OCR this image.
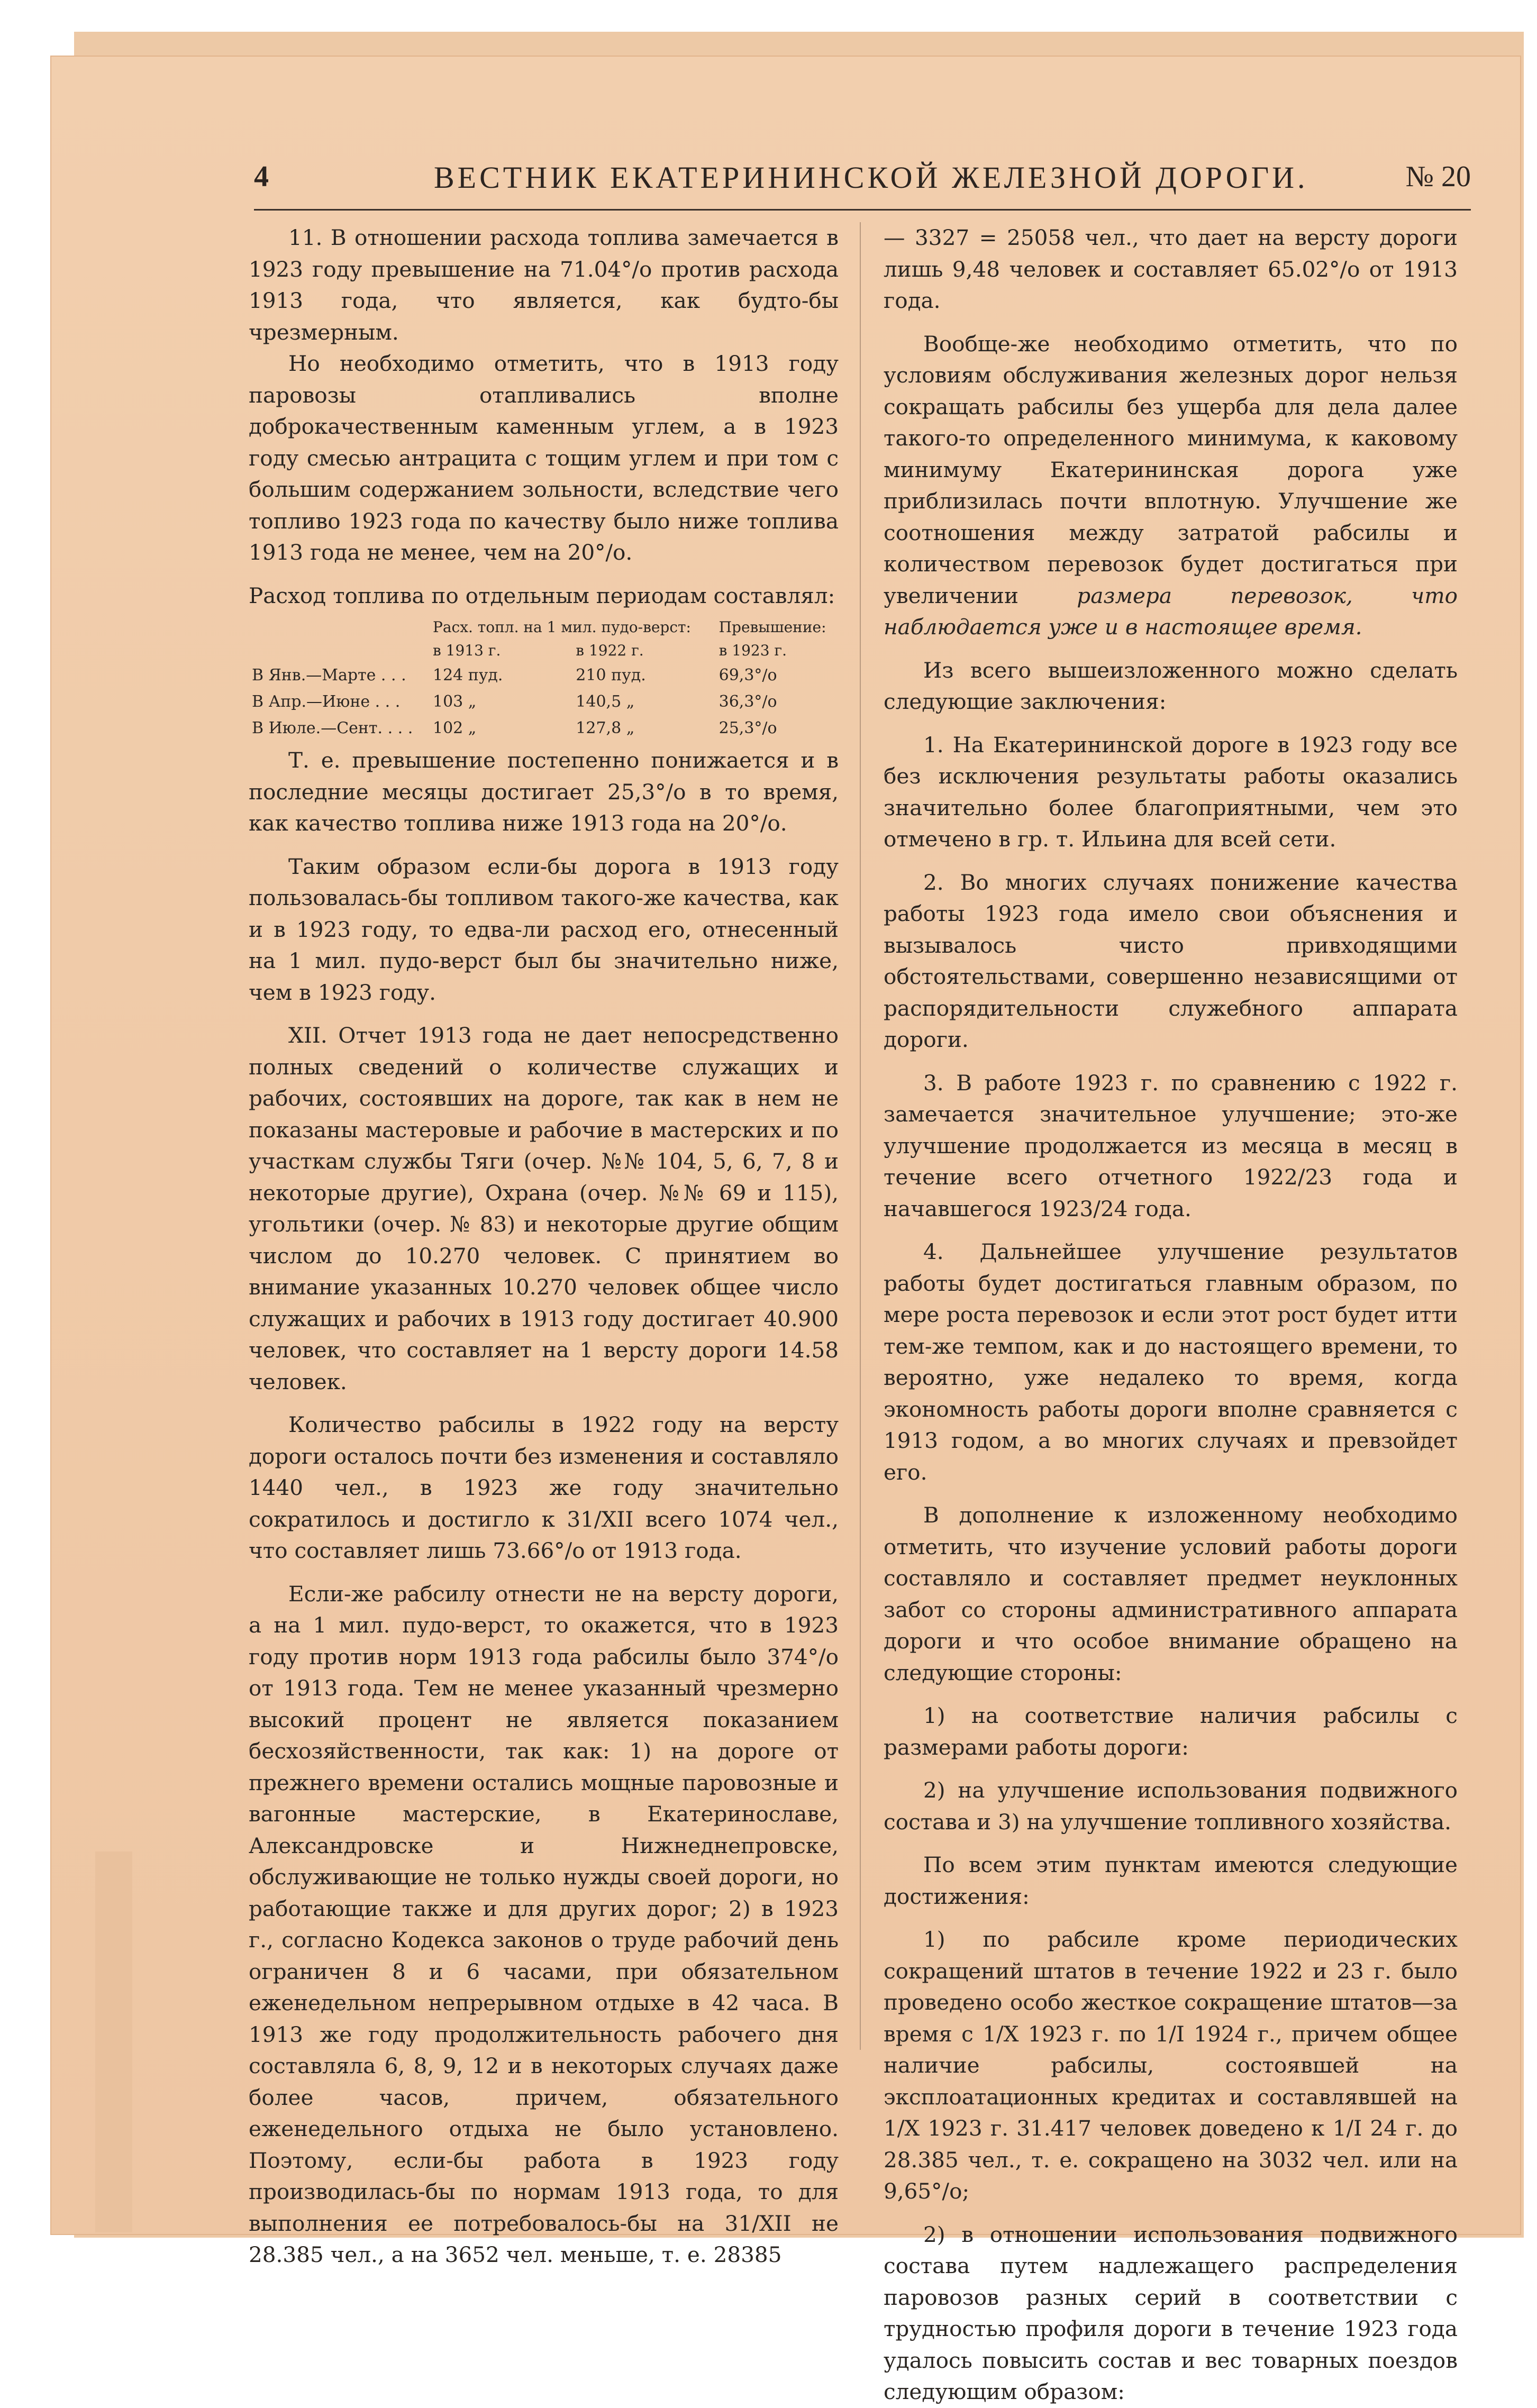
4	ВЕСТНИК ЕКАТЕРИНИНСКОЙ ЖЕЛЕЗНОЙ ДОРОГИ.	№ 20

11. В отношении расхода топлива замечается в 1923 году превышение на 71.04°/о против расхода 1913 года, что является, как будто-бы чрезмерным.

Но необходимо отметить, что в 1913 году паровозы отапливались вполне доброкачественным каменным углем, а в 1923 году смесью антрацита с тощим углем и при том с большим содержанием зольности, вследствие чего топливо 1923 года по качеству было ниже топлива 1913 года не менее, чем на 20°/о.

Расход топлива по отдельным периодам составлял:

	Расх. топл. на 1 мил. пудо-верст:		Превышение:
	в 1913 г.	в 1922 г.	в 1923 г.
В Янв.—Марте . . .	124 пуд.	210 пуд.	69,3°/о
В Апр.—Июне . . .	103 „	140,5 „	36,3°/о
В Июле.—Сент. . . .	102 „	127,8 „	25,3°/о

Т. е. превышение постепенно понижается и в последние месяцы достигает 25,3°/о в то время, как качество топлива ниже 1913 года на 20°/о.

Таким образом если-бы дорога в 1913 году пользовалась-бы топливом такого-же качества, как и в 1923 году, то едва-ли расход его, отнесенный на 1 мил. пудо-верст был бы значительно ниже, чем в 1923 году.

XII. Отчет 1913 года не дает непосредственно полных сведений о количестве служащих и рабочих, состоявших на дороге, так как в нем не показаны мастеровые и рабочие в мастерских и по участкам службы Тяги (очер. №№ 104, 5, 6, 7, 8 и некоторые другие), Охрана (очер. №№ 69 и 115), угольтики (очер. № 83) и некоторые другие общим числом до 10.270 человек. С принятием во внимание указанных 10.270 человек общее число служащих и рабочих в 1913 году достигает 40.900 человек, что составляет на 1 версту дороги 14.58 человек.

Количество рабсилы в 1922 году на версту дороги осталось почти без изменения и составляло 1440 чел., в 1923 же году значительно сократилось и достигло к 31/XII всего 1074 чел., что составляет лишь 73.66°/о от 1913 года.

Если-же рабсилу отнести не на версту дороги, а на 1 мил. пудо-верст, то окажется, что в 1923 году против норм 1913 года рабсилы было 374°/о от 1913 года. Тем не менее указанный чрезмерно высокий процент не является показанием бесхозяйственности, так как: 1) на дороге от прежнего времени остались мощные паровозные и вагонные мастерские, в Екатеринославе, Александровске и Нижнеднепровске, обслуживающие не только нужды своей дороги, но работающие также и для других дорог; 2) в 1923 г., согласно Кодекса законов о труде рабочий день ограничен 8 и 6 часами, при обязательном еженедельном непрерывном отдыхе в 42 часа. В 1913 же году продолжительность рабочего дня составляла 6, 8, 9, 12 и в некоторых случаях даже более часов, причем, обязательного еженедельного отдыха не было установлено. Поэтому, если-бы работа в 1923 году производилась-бы по нормам 1913 года, то для выполнения ее потребовалось-бы на 31/XII не 28.385 чел., а на 3652 чел. меньше, т. е. 28385

— 3327 = 25058 чел., что дает на версту дороги лишь 9,48 человек и составляет 65.02°/о от 1913 года.

Вообще-же необходимо отметить, что по условиям обслуживания железных дорог нельзя сокращать рабсилы без ущерба для дела далее такого-то определенного минимума, к каковому минимуму Екатерининская дорога уже приблизилась почти вплотную. Улучшение же соотношения между затратой рабсилы и количеством перевозок будет достигаться при увеличении	размера перевозок, что наблюдается уже и в настоящее время.

Из всего вышеизложенного можно сделать следующие заключения:

1. На Екатерининской дороге в 1923 году все без исключения результаты работы оказались значительно более благоприятными, чем это отмечено в гр. т. Ильина для всей сети.

2. Во многих случаях понижение качества работы 1923 года имело свои объяснения и вызывалось чисто привходящими обстоятельствами, совершенно независящими от распорядительности служебного аппарата дороги.

3. В работе 1923 г. по сравнению с 1922 г. замечается значительное улучшение; это-же улучшение продолжается из месяца в месяц в течение всего отчетного 1922/23 года и начавшегося 1923/24 года.

4. Дальнейшее улучшение результатов работы будет достигаться главным образом, по мере роста перевозок и если этот рост будет итти тем-же темпом, как и до настоящего времени, то вероятно, уже недалеко то время, когда экономность работы дороги вполне сравняется с 1913 годом, а во многих случаях и превзойдет его.

В дополнение к изложенному необходимо отметить, что изучение условий работы дороги составляло и составляет предмет неуклонных забот со стороны административного аппарата дороги и что особое внимание обращено на следующие стороны:

1) на соответствие наличия рабсилы с размерами работы дороги:

2) на улучшение использования подвижного состава и 3) на улучшение топливного хозяйства.

По всем этим пунктам имеются следующие достижения:

1) по рабсиле кроме периодических сокращений штатов в течение 1922 и 23 г. было проведено особо жесткое сокращение штатов—за время с 1/X 1923 г. по 1/I 1924 г., причем общее наличие рабсилы, состоявшей на эксплоатационных кредитах и составлявшей на 1/X 1923 г. 31.417 человек доведено к 1/I 24 г. до 28.385 чел., т. е. сокращено на 3032 чел. или на 9,65°/о;

2) в отношении использования подвижного состава путем надлежащего распределения паровозов разных серий в соответствии с трудностью профиля дороги в течение 1923 года удалось повысить состав и вес товарных поездов следующим образом:
